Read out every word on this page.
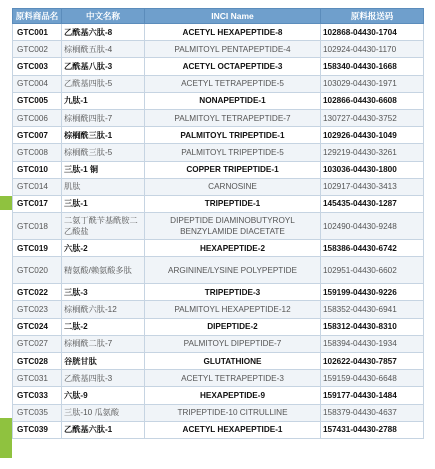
原料商品名	中文名称	INCI Name	原料报送码
GTC001	乙酰基六肽-8	ACETYL HEXAPEPTIDE-8	102868-04430-1704
GTC002	棕榈酰五肽-4	PALMITOYL PENTAPEPTIDE-4	102924-04430-1170
GTC003	乙酰基八肽-3	ACETYL OCTAPEPTIDE-3	158340-04430-1668
GTC004	乙酰基四肽-5	ACETYL TETRAPEPTIDE-5	103029-04430-1971
GTC005	九肽-1	NONAPEPTIDE-1	102866-04430-6608
GTC006	棕榈酰四肽-7	PALMITOYL TETRAPEPTIDE-7	130727-04430-3752
GTC007	棕榈酰三肽-1	PALMITOYL TRIPEPTIDE-1	102926-04430-1049
GTC008	棕榈酰三肽-5	PALMITOYL TRIPEPTIDE-5	129219-04430-3261
GTC010	三肽-1 铜	COPPER TRIPEPTIDE-1	103036-04430-1800
GTC014	肌肽	CARNOSINE	102917-04430-3413
GTC017	三肽-1	TRIPEPTIDE-1	145435-04430-1287
GTC018	二氨丁酰苄基酰胺二乙酸盐	DIPEPTIDE DIAMINOBUTYROYL BENZYLAMIDE DIACETATE	102490-04430-9248
GTC019	六肽-2	HEXAPEPTIDE-2	158386-04430-6742
GTC020	精氨酸/赖氨酸多肽	ARGININE/LYSINE POLYPEPTIDE	102951-04430-6602
GTC022	三肽-3	TRIPEPTIDE-3	159199-04430-9226
GTC023	棕榈酰六肽-12	PALMITOYL HEXAPEPTIDE-12	158352-04430-6941
GTC024	二肽-2	DIPEPTIDE-2	158312-04430-8310
GTC027	棕榈酰二肽-7	PALMITOYL DIPEPTIDE-7	158394-04430-1934
GTC028	谷胱甘肽	GLUTATHIONE	102622-04430-7857
GTC031	乙酰基四肽-3	ACETYL TETRAPEPTIDE-3	159159-04430-6648
GTC033	六肽-9	HEXAPEPTIDE-9	159177-04430-1484
GTC035	三肽-10 瓜氨酸	TRIPEPTIDE-10 CITRULLINE	158379-04430-4637
GTC039	乙酰基六肽-1	ACETYL HEXAPEPTIDE-1	157431-04430-2788
